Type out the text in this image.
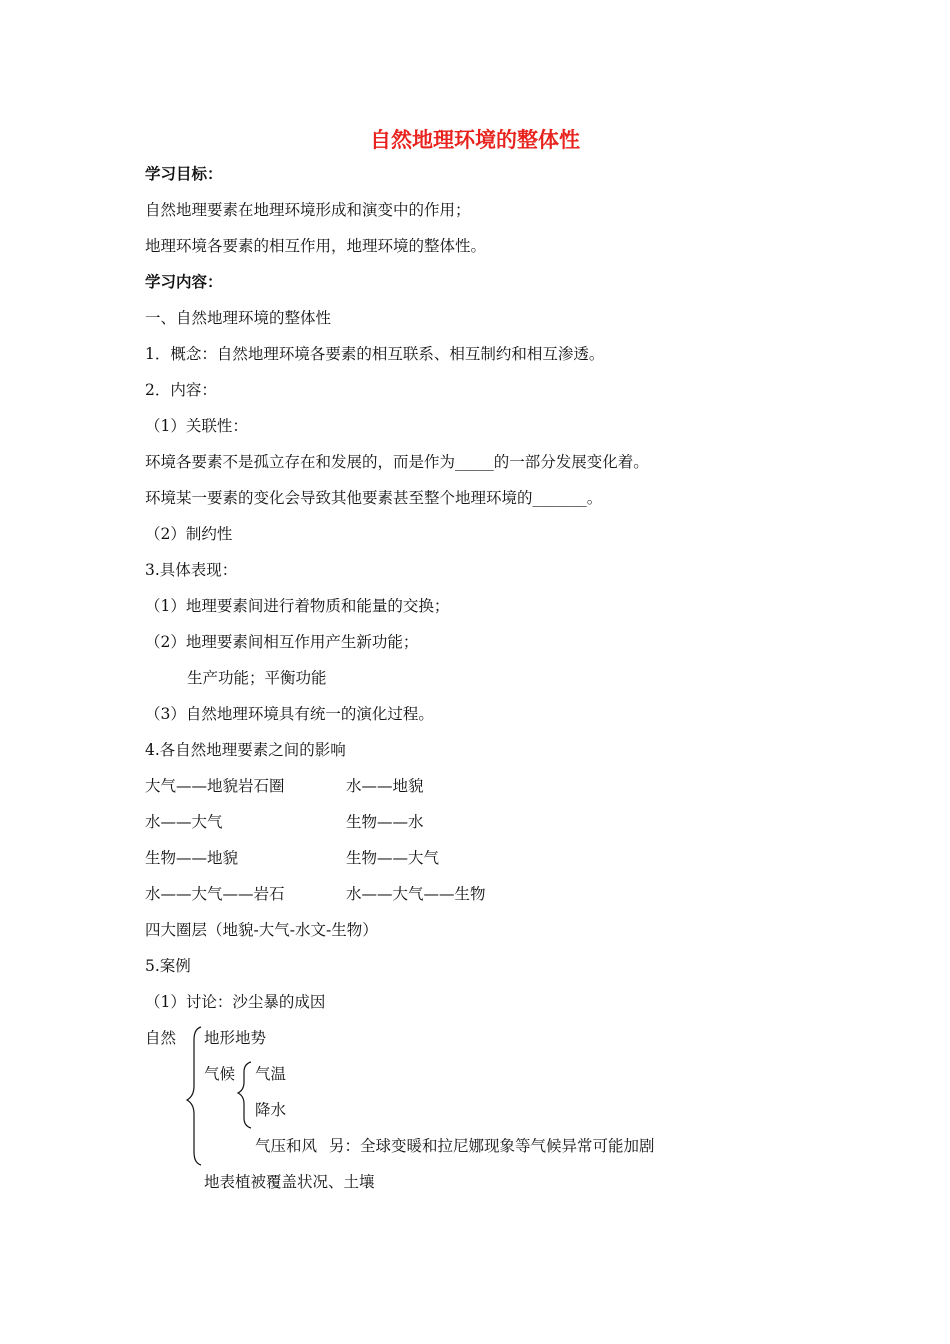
自然地理环境的整体性
学习目标：
自然地理要素在地理环境形成和演变中的作用；
地理环境各要素的相互作用，地理环境的整体性。
学习内容：
一、自然地理环境的整体性
1．概念：自然地理环境各要素的相互联系、相互制约和相互渗透。
2．内容：
（1）关联性：
环境各要素不是孤立存在和发展的，而是作为_____的一部分发展变化着。
环境某一要素的变化会导致其他要素甚至整个地理环境的_______。
（2）制约性
3.具体表现：
（1）地理要素间进行着物质和能量的交换；
（2）地理要素间相互作用产生新功能；
生产功能；平衡功能
（3）自然地理环境具有统一的演化过程。
4.各自然地理要素之间的影响
大气——地貌岩石圈	水——地貌
水——大气	生物——水
生物——地貌	生物——大气
水——大气——岩石	水——大气——生物
四大圈层（地貌-大气-水文-生物）
5.案例
（1）讨论：沙尘暴的成因
自然 地形地势
气候 气温
降水
气压和风 另：全球变暖和拉尼娜现象等气候异常可能加剧
地表植被覆盖状况、土壤
